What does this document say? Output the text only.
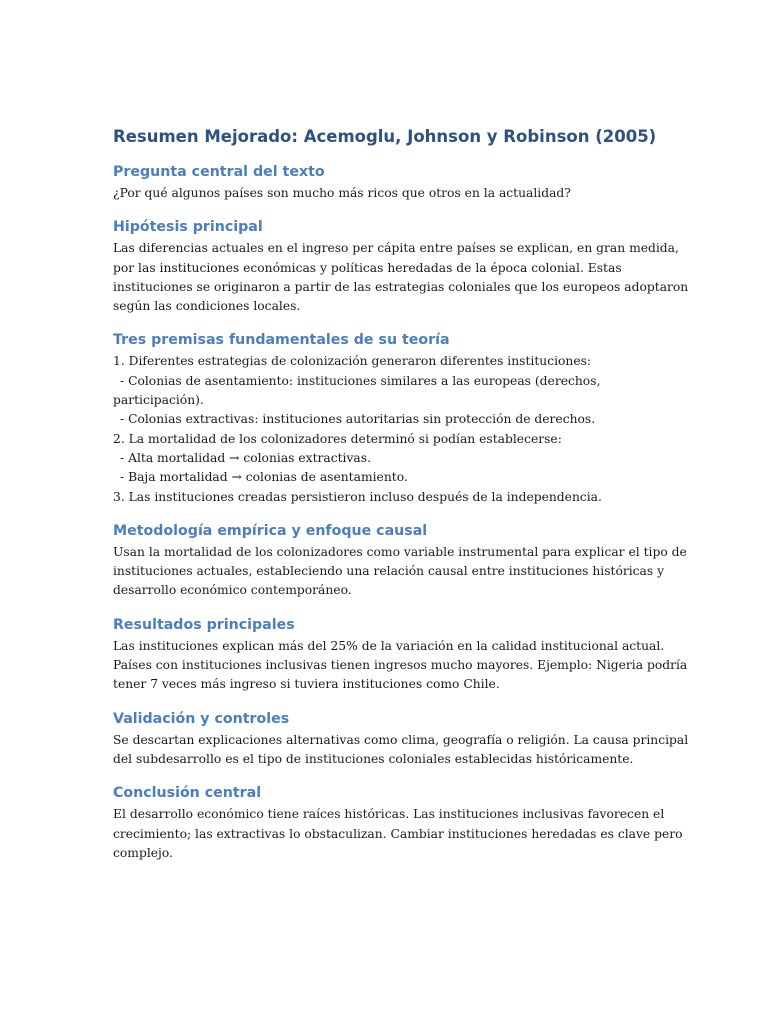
Resumen Mejorado: Acemoglu, Johnson y Robinson (2005)
Pregunta central del texto

¿Por qué algunos países son mucho más ricos que otros en la actualidad?

Hipótesis principal

Las diferencias actuales en el ingreso per cápita entre países se explican, en gran medida,
por las instituciones económicas y políticas heredadas de la época colonial. Estas
instituciones se originaron a partir de las estrategias coloniales que los europeos adoptaron
según las condiciones locales.

Tres premisas fundamentales de su teoría

1. Diferentes estrategias de colonización generaron diferentes instituciones:
- Colonias de asentamiento: instituciones similares a las europeas (derechos,
participación).
- Colonias extractivas: instituciones autoritarias sin protección de derechos.
2. La mortalidad de los colonizadores determinó si podían establecerse:
- Alta mortalidad → colonias extractivas.
- Baja mortalidad → colonias de asentamiento.
3. Las instituciones creadas persistieron incluso después de la independencia.

Metodología empírica y enfoque causal

Usan la mortalidad de los colonizadores como variable instrumental para explicar el tipo de
instituciones actuales, estableciendo una relación causal entre instituciones históricas y
desarrollo económico contemporáneo.

Resultados principales

Las instituciones explican más del 25% de la variación en la calidad institucional actual.
Países con instituciones inclusivas tienen ingresos mucho mayores. Ejemplo: Nigeria podría
tener 7 veces más ingreso si tuviera instituciones como Chile.

Validación y controles

Se descartan explicaciones alternativas como clima, geografía o religión. La causa principal
del subdesarrollo es el tipo de instituciones coloniales establecidas históricamente.

Conclusión central

El desarrollo económico tiene raíces históricas. Las instituciones inclusivas favorecen el
crecimiento; las extractivas lo obstaculizan. Cambiar instituciones heredadas es clave pero
complejo.
